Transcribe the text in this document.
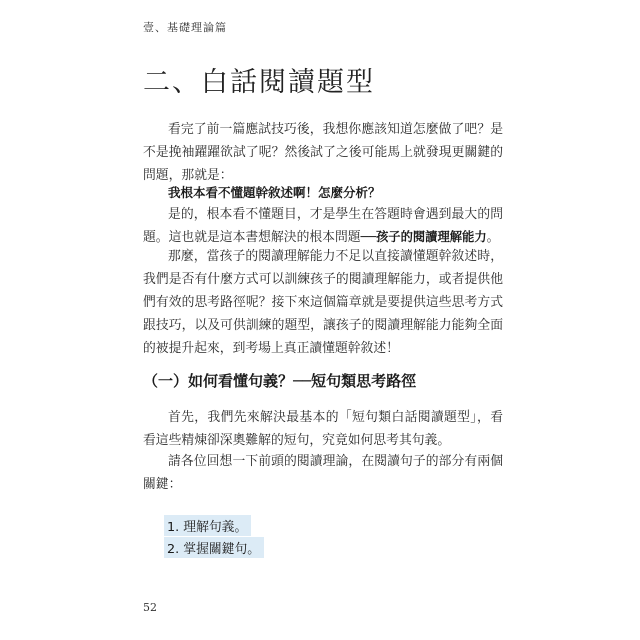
壹、基礎理論篇
二、白話閱讀題型

看完了前一篇應試技巧後，我想你應該知道怎麼做了吧？是不是挽袖躍躍欲試了呢？然後試了之後可能馬上就發現更關鍵的問題，那就是：

我根本看不懂題幹敘述啊！怎麼分析？

是的，根本看不懂題目，才是學生在答題時會遇到最大的問題。這也就是這本書想解決的根本問題──孩子的閱讀理解能力。

那麼，當孩子的閱讀理解能力不足以直接讀懂題幹敘述時，我們是否有什麼方式可以訓練孩子的閱讀理解能力，或者提供他們有效的思考路徑呢？接下來這個篇章就是要提供這些思考方式跟技巧，以及可供訓練的題型，讓孩子的閱讀理解能力能夠全面的被提升起來，到考場上真正讀懂題幹敘述！

（一）如何看懂句義？──短句類思考路徑

首先，我們先來解決最基本的「短句類白話閱讀題型」，看看這些精煉卻深奧難解的短句，究竟如何思考其句義。

請各位回想一下前頭的閱讀理論，在閱讀句子的部分有兩個關鍵：

1. 理解句義。
2. 掌握關鍵句。
52
